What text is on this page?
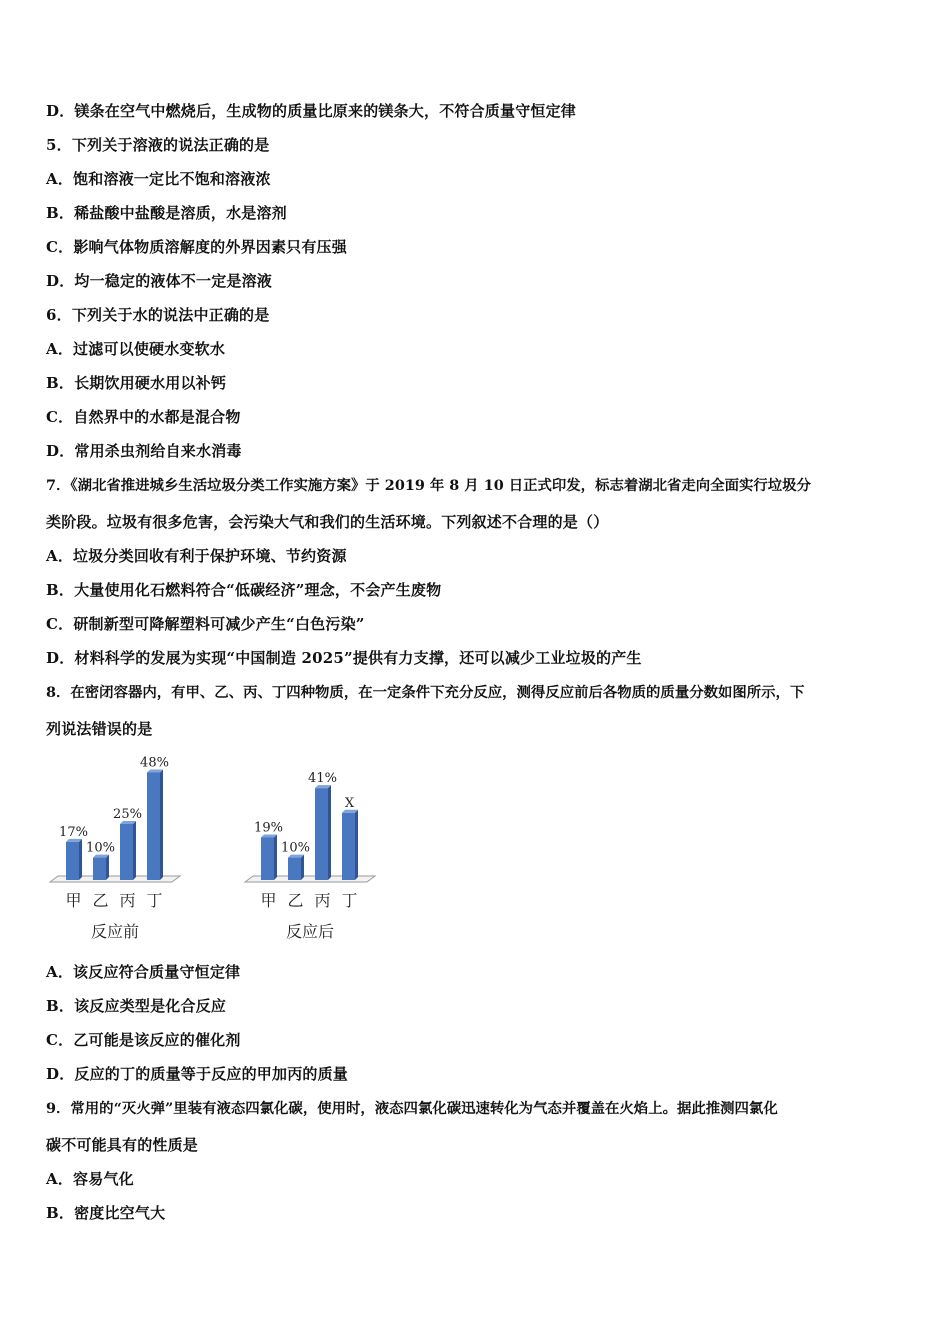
D．镁条在空气中燃烧后，生成物的质量比原来的镁条大，不符合质量守恒定律
5．下列关于溶液的说法正确的是
A．饱和溶液一定比不饱和溶液浓
B．稀盐酸中盐酸是溶质，水是溶剂
C．影响气体物质溶解度的外界因素只有压强
D．均一稳定的液体不一定是溶液
6．下列关于水的说法中正确的是
A．过滤可以使硬水变软水
B．长期饮用硬水用以补钙
C．自然界中的水都是混合物
D．常用杀虫剂给自来水消毒
7．《湖北省推进城乡生活垃圾分类工作实施方案》于 2019 年 8 月 10 日正式印发，标志着湖北省走向全面实行垃圾分
类阶段。垃圾有很多危害，会污染大气和我们的生活环境。下列叙述不合理的是（）
A．垃圾分类回收有利于保护环境、节约资源
B．大量使用化石燃料符合“低碳经济”理念，不会产生废物
C．研制新型可降解塑料可减少产生“白色污染”
D．材料科学的发展为实现“中国制造 2025”提供有力支撑，还可以减少工业垃圾的产生
8．在密闭容器内，有甲、乙、丙、丁四种物质，在一定条件下充分反应，测得反应前后各物质的质量分数如图所示，下
列说法错误的是
17%
甲
10%
乙
25%
丙
48%
丁
反应前
19%
甲
10%
乙
41%
丙
X
丁
反应后
A．该反应符合质量守恒定律
B．该反应类型是化合反应
C．乙可能是该反应的催化剂
D．反应的丁的质量等于反应的甲加丙的质量
9．常用的“灭火弹”里装有液态四氯化碳，使用时，液态四氯化碳迅速转化为气态并覆盖在火焰上。据此推测四氯化
碳不可能具有的性质是
A．容易气化
B．密度比空气大
